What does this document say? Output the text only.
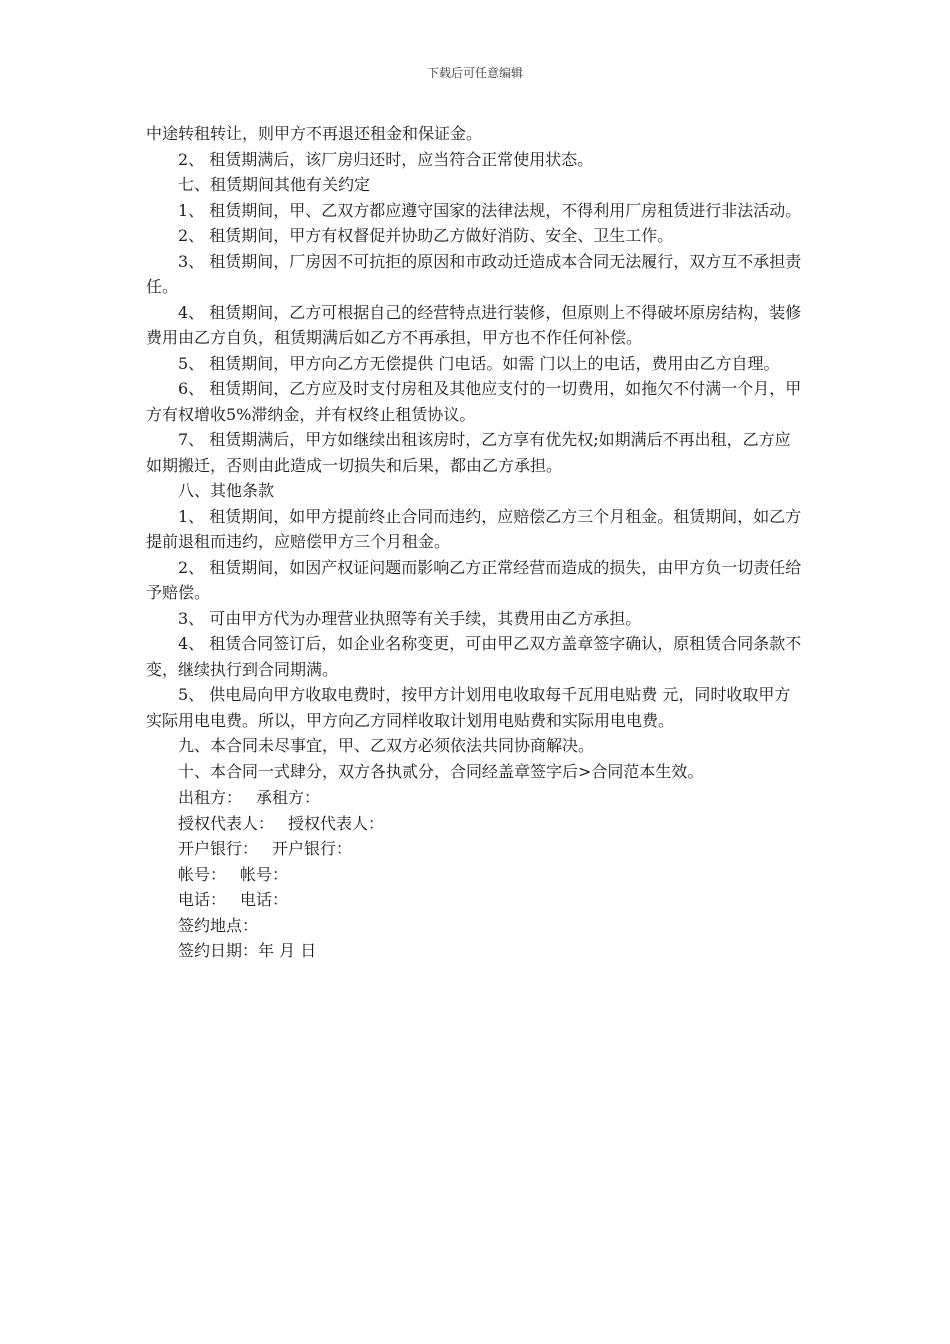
下载后可任意编辑

中途转租转让，则甲方不再退还租金和保证金。

2、 租赁期满后，该厂房归还时，应当符合正常使用状态。

七、租赁期间其他有关约定

1、 租赁期间，甲、乙双方都应遵守国家的法律法规，不得利用厂房租赁进行非法活动。

2、 租赁期间，甲方有权督促并协助乙方做好消防、安全、卫生工作。

3、 租赁期间，厂房因不可抗拒的原因和市政动迁造成本合同无法履行，双方互不承担责任。

4、 租赁期间，乙方可根据自己的经营特点进行装修，但原则上不得破坏原房结构，装修费用由乙方自负，租赁期满后如乙方不再承担，甲方也不作任何补偿。

5、 租赁期间，甲方向乙方无偿提供 门电话。如需 门以上的电话，费用由乙方自理。

6、 租赁期间，乙方应及时支付房租及其他应支付的一切费用，如拖欠不付满一个月，甲方有权增收5%滞纳金，并有权终止租赁协议。

7、 租赁期满后，甲方如继续出租该房时，乙方享有优先权;如期满后不再出租，乙方应如期搬迁，否则由此造成一切损失和后果，都由乙方承担。

八、其他条款

1、 租赁期间，如甲方提前终止合同而违约，应赔偿乙方三个月租金。租赁期间，如乙方提前退租而违约，应赔偿甲方三个月租金。

2、 租赁期间，如因产权证问题而影响乙方正常经营而造成的损失，由甲方负一切责任给予赔偿。

3、 可由甲方代为办理营业执照等有关手续，其费用由乙方承担。

4、 租赁合同签订后，如企业名称变更，可由甲乙双方盖章签字确认，原租赁合同条款不变，继续执行到合同期满。

5、 供电局向甲方收取电费时，按甲方计划用电收取每千瓦用电贴费 元，同时收取甲方实际用电电费。所以，甲方向乙方同样收取计划用电贴费和实际用电电费。

九、本合同未尽事宜，甲、乙双方必须依法共同协商解决。

十、本合同一式肆分，双方各执贰分，合同经盖章签字后>合同范本生效。

出租方： 承租方：

授权代表人： 授权代表人：

开户银行： 开户银行：

帐号： 帐号：

电话： 电话：

签约地点：

签约日期：年 月 日
